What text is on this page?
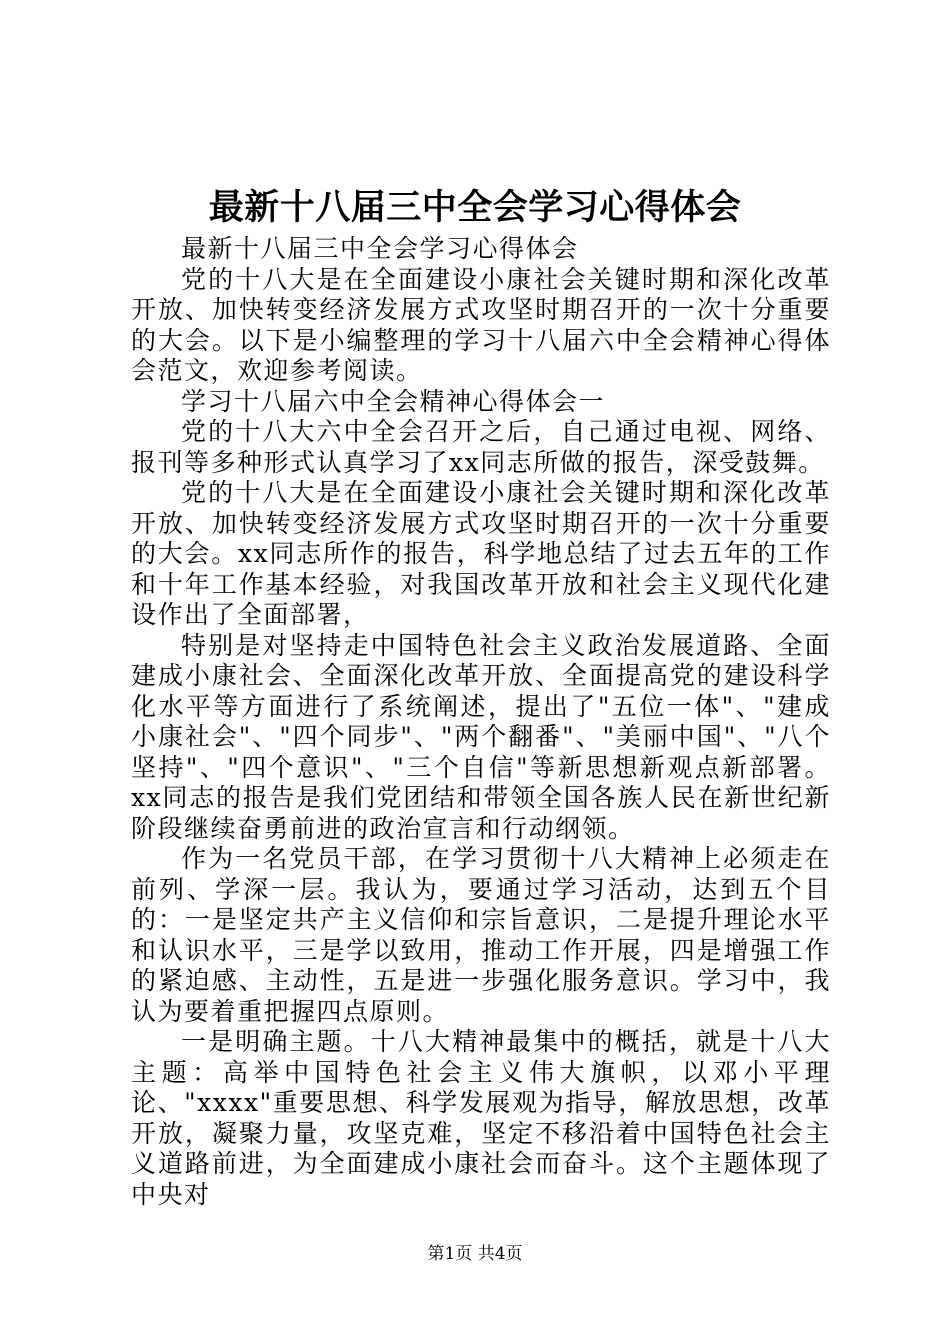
最新十八届三中全会学习心得体会

最新十八届三中全会学习心得体会

党的十八大是在全面建设小康社会关键时期和深化改革开放、加快转变经济发展方式攻坚时期召开的一次十分重要的大会。以下是小编整理的学习十八届六中全会精神心得体会范文，欢迎参考阅读。

学习十八届六中全会精神心得体会一

党的十八大六中全会召开之后，自己通过电视、网络、报刊等多种形式认真学习了xx同志所做的报告，深受鼓舞。

党的十八大是在全面建设小康社会关键时期和深化改革开放、加快转变经济发展方式攻坚时期召开的一次十分重要的大会。xx同志所作的报告，科学地总结了过去五年的工作和十年工作基本经验，对我国改革开放和社会主义现代化建设作出了全面部署，

特别是对坚持走中国特色社会主义政治发展道路、全面建成小康社会、全面深化改革开放、全面提高党的建设科学化水平等方面进行了系统阐述，提出了"五位一体"、"建成小康社会"、"四个同步"、"两个翻番"、"美丽中国"、"八个坚持"、"四个意识"、"三个自信"等新思想新观点新部署。xx同志的报告是我们党团结和带领全国各族人民在新世纪新阶段继续奋勇前进的政治宣言和行动纲领。

作为一名党员干部，在学习贯彻十八大精神上必须走在前列、学深一层。我认为，要通过学习活动，达到五个目的：一是坚定共产主义信仰和宗旨意识，二是提升理论水平和认识水平，三是学以致用，推动工作开展，四是增强工作的紧迫感、主动性，五是进一步强化服务意识。学习中，我认为要着重把握四点原则。

一是明确主题。十八大精神最集中的概括，就是十八大主题：高举中国特色社会主义伟大旗帜，以邓小平理论、"xxxx"重要思想、科学发展观为指导，解放思想，改革开放，凝聚力量，攻坚克难，坚定不移沿着中国特色社会主义道路前进，为全面建成小康社会而奋斗。这个主题体现了中央对

第1页 共4页
